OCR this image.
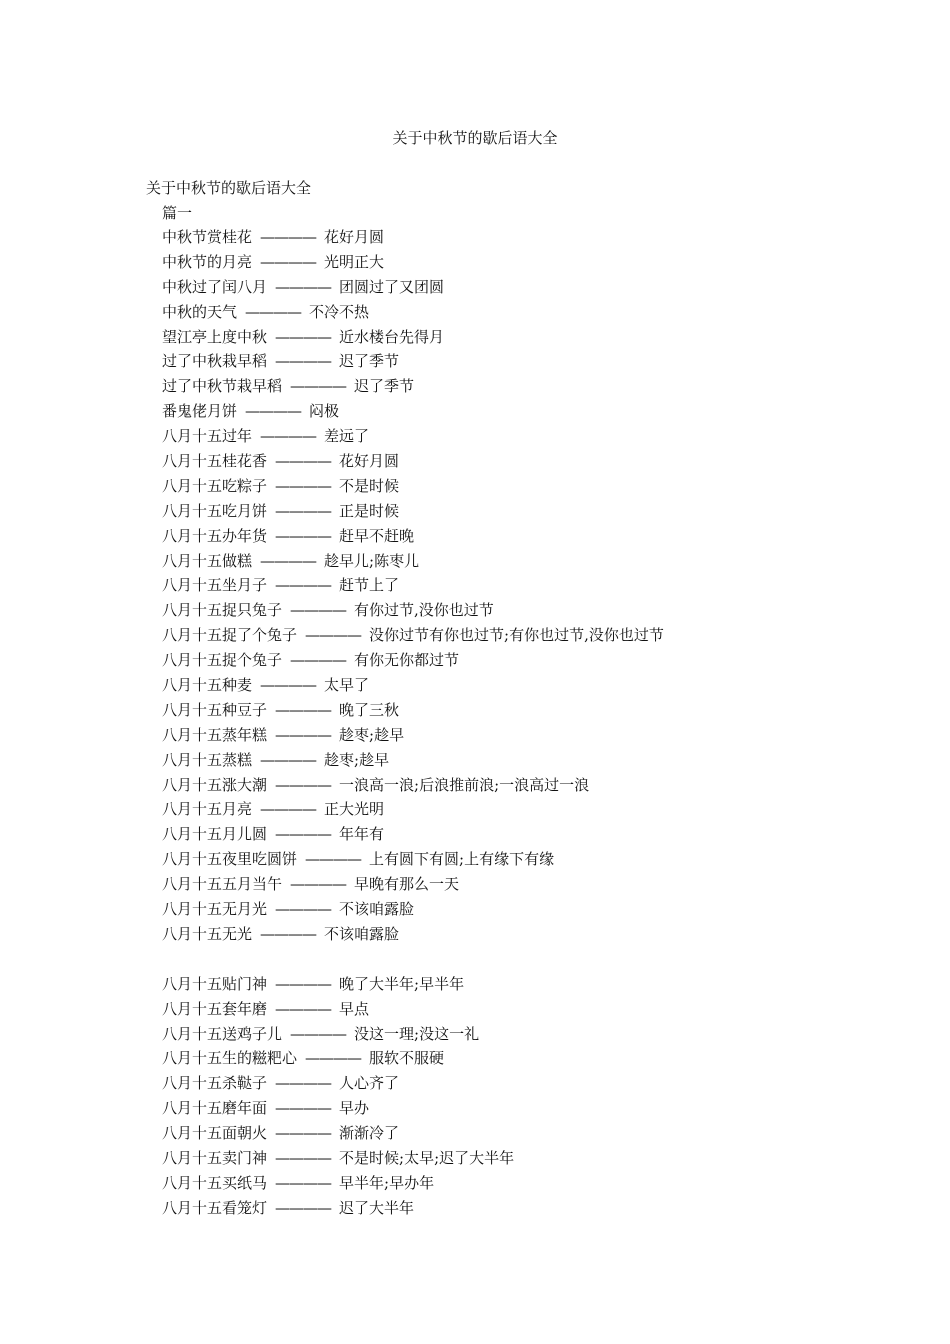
关于中秋节的歇后语大全
关于中秋节的歇后语大全
篇一
中秋节赏桂花 ———— 花好月圆
中秋节的月亮 ———— 光明正大
中秋过了闰八月 ———— 团圆过了又团圆
中秋的天气 ———— 不冷不热
望江亭上度中秋 ———— 近水楼台先得月
过了中秋栽早稻 ———— 迟了季节
过了中秋节栽早稻 ———— 迟了季节
番鬼佬月饼 ———— 闷极
八月十五过年 ———— 差远了
八月十五桂花香 ———— 花好月圆
八月十五吃粽子 ———— 不是时候
八月十五吃月饼 ———— 正是时候
八月十五办年货 ———— 赶早不赶晚
八月十五做糕 ———— 趁早儿;陈枣儿
八月十五坐月子 ———— 赶节上了
八月十五捉只兔子 ———— 有你过节,没你也过节
八月十五捉了个兔子 ———— 没你过节有你也过节;有你也过节,没你也过节
八月十五捉个兔子 ———— 有你无你都过节
八月十五种麦 ———— 太早了
八月十五种豆子 ———— 晚了三秋
八月十五蒸年糕 ———— 趁枣;趁早
八月十五蒸糕 ———— 趁枣;趁早
八月十五涨大潮 ———— 一浪高一浪;后浪推前浪;一浪高过一浪
八月十五月亮 ———— 正大光明
八月十五月儿圆 ———— 年年有
八月十五夜里吃圆饼 ———— 上有圆下有圆;上有缘下有缘
八月十五五月当午 ———— 早晚有那么一天
八月十五无月光 ———— 不该咱露脸
八月十五无光 ———— 不该咱露脸
八月十五贴门神 ———— 晚了大半年;早半年
八月十五套年磨 ———— 早点
八月十五送鸡子儿 ———— 没这一理;没这一礼
八月十五生的糍粑心 ———— 服软不服硬
八月十五杀鞑子 ———— 人心齐了
八月十五磨年面 ———— 早办
八月十五面朝火 ———— 渐渐冷了
八月十五卖门神 ———— 不是时候;太早;迟了大半年
八月十五买纸马 ———— 早半年;早办年
八月十五看笼灯 ———— 迟了大半年
